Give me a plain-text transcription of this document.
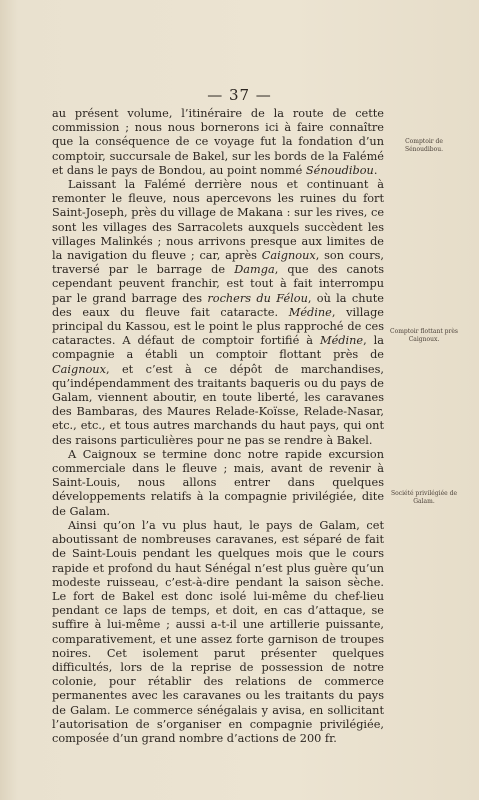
— 37 —

au présent volume, l’itinéraire de la route de cette commission ; nous nous bornerons ici à faire connaître que la conséquence de ce voyage fut la fondation d’un comptoir, succursale de Bakel, sur les bords de la Falémé et dans le pays de Bondou, au point nommé Sénoudibou.

Laissant la Falémé derrière nous et continuant à remonter le fleuve, nous apercevons les ruines du fort Saint-Joseph, près du village de Makana : sur les rives, ce sont les villages des Sarracolets auxquels succèdent les villages Malinkés ; nous arrivons presque aux limites de la navigation du fleuve ; car, après Caignoux, son cours, traversé par le barrage de Damga, que des canots cependant peuvent franchir, est tout à fait interrompu par le grand barrage des rochers du Félou, où la chute des eaux du fleuve fait cataracte. Médine, village principal du Kassou, est le point le plus rapproché de ces cataractes. A défaut de comptoir fortifié à Médine, la compagnie a établi un comptoir flottant près de Caignoux, et c’est à ce dépôt de marchandises, qu’indépendamment des traitants baqueris ou du pays de Galam, viennent aboutir, en toute liberté, les caravanes des Bambaras, des Maures Relade-Koïsse, Relade-Nasar, etc., etc., et tous autres marchands du haut pays, qui ont des raisons particulières pour ne pas se rendre à Bakel.

A Caignoux se termine donc notre rapide excursion commerciale dans le fleuve ; mais, avant de revenir à Saint-Louis, nous allons entrer dans quelques développements relatifs à la compagnie privilégiée, dite de Galam.

Ainsi qu’on l’a vu plus haut, le pays de Galam, cet aboutissant de nombreuses caravanes, est séparé de fait de Saint-Louis pendant les quelques mois que le cours rapide et profond du haut Sénégal n’est plus guère qu’un modeste ruisseau, c’est-à-dire pendant la saison sèche. Le fort de Bakel est donc isolé lui-même du chef-lieu pendant ce laps de temps, et doit, en cas d’attaque, se suffire à lui-même ; aussi a-t-il une artillerie puissante, comparativement, et une assez forte garnison de troupes noires. Cet isolement parut présenter quelques difficultés, lors de la reprise de possession de notre colonie, pour rétablir des relations de commerce permanentes avec les caravanes ou les traitants du pays de Galam. Le commerce sénégalais y avisa, en sollicitant l’autorisation de s’organiser en compagnie privilégiée, composée d’un grand nombre d’actions de 200 fr.

Comptoir de Sénoudibou.
Comptoir flottant près Caignoux.
Société privilégiée de Galam.
